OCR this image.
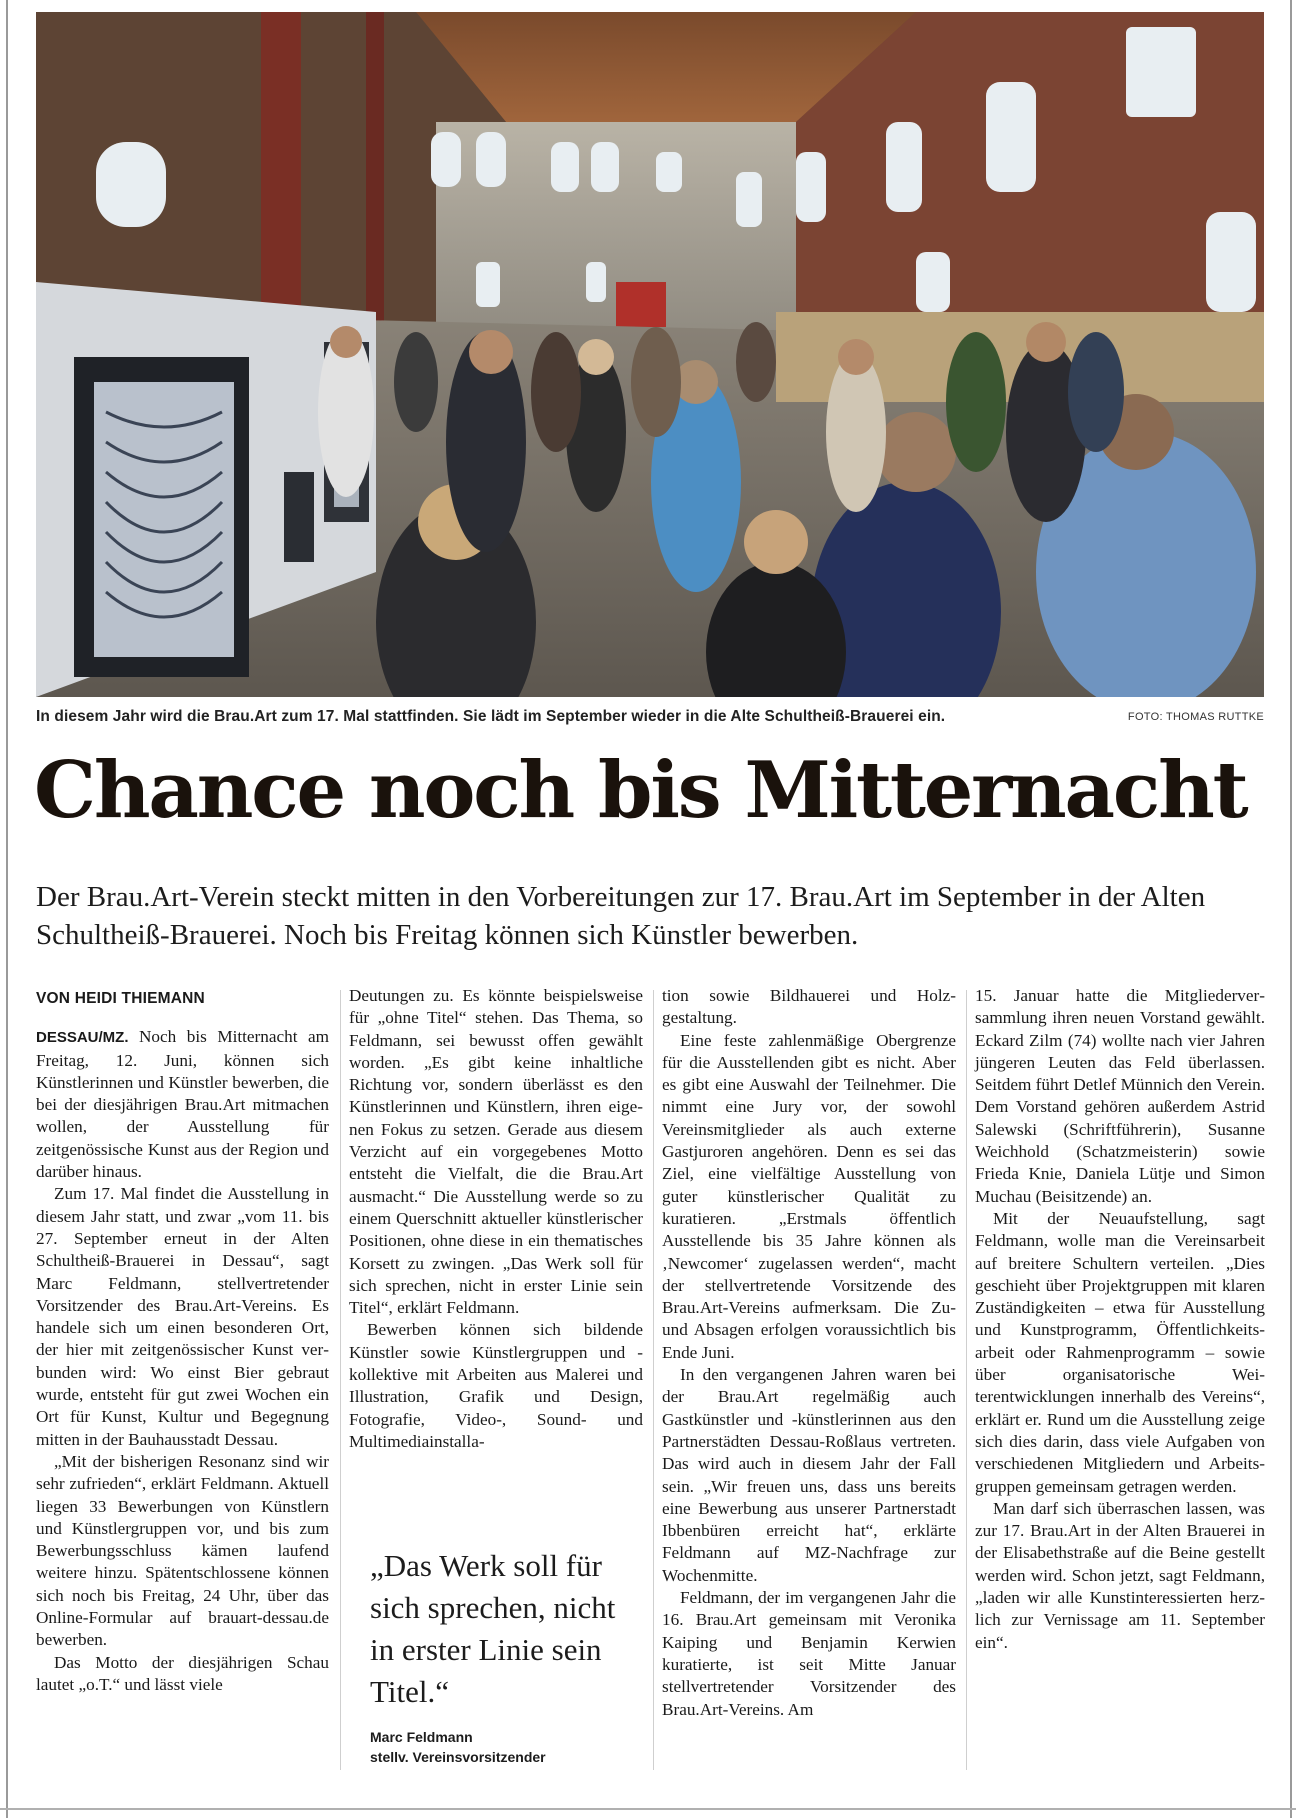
In diesem Jahr wird die Brau.Art zum 17. Mal stattfinden. Sie lädt im September wieder in die Alte Schultheiß-Brauerei ein.	FOTO: THOMAS RUTTKE
Chance noch bis Mitternacht
Der Brau.Art-Verein steckt mitten in den Vorbereitungen zur 17. Brau.Art im September in der Alten Schultheiß-Brauerei. Noch bis Freitag können sich Künstler bewerben.
VON HEIDI THIEMANN

DESSAU/MZ. Noch bis Mitternacht am Freitag, 12. Juni, können sich Künstlerinnen und Künstler bewerben, die bei der diesjährigen Brau.Art mitmachen wollen, der Ausstellung für zeitgenössische Kunst aus der Region und darüber hinaus.

Zum 17. Mal findet die Ausstellung in diesem Jahr statt, und zwar „vom 11. bis 27. September erneut in der Alten Schultheiß-Brauerei in Dessau“, sagt Marc Feldmann, stellvertretender Vorsitzender des Brau.Art-Vereins. Es handele sich um einen besonderen Ort, der hier mit zeitgenössischer Kunst verbunden wird: Wo einst Bier gebraut wurde, entsteht für gut zwei Wochen ein Ort für Kunst, Kultur und Begegnung mitten in der Bauhausstadt Dessau.

„Mit der bisherigen Resonanz sind wir sehr zufrieden“, erklärt Feldmann. Aktuell liegen 33 Bewerbungen von Künstlern und Künstlergruppen vor, und bis zum Bewerbungsschluss kämen laufend weitere hinzu. Spätentschlossene können sich noch bis Freitag, 24 Uhr, über das Online-Formular auf brauart-dessau.de bewerben.

Das Motto der diesjährigen Schau lautet „o.T.“ und lässt viele

Deutungen zu. Es könnte beispielsweise für „ohne Titel“ stehen. Das Thema, so Feldmann, sei bewusst offen gewählt worden. „Es gibt keine inhaltliche Richtung vor, sondern überlässt es den Künstlerinnen und Künstlern, ihren eigenen Fokus zu setzen. Gerade aus diesem Verzicht auf ein vorgegebenes Motto entsteht die Vielfalt, die die Brau.Art ausmacht.“ Die Ausstellung werde so zu einem Querschnitt aktueller künstlerischer Positionen, ohne diese in ein thematisches Korsett zu zwingen. „Das Werk soll für sich sprechen, nicht in erster Linie sein Titel“, erklärt Feldmann.

Bewerben können sich bildende Künstler sowie Künstlergruppen und -kollektive mit Arbeiten aus Malerei und Illustration, Grafik und Design, Fotografie, Video-, Sound- und Multimediainstalla-

„Das Werk soll für sich sprechen, nicht in erster Linie sein Titel.“
Marc Feldmann
stellv. Vereinsvorsitzender

tion sowie Bildhauerei und Holzgestaltung.

Eine feste zahlenmäßige Obergrenze für die Ausstellenden gibt es nicht. Aber es gibt eine Auswahl der Teilnehmer. Die nimmt eine Jury vor, der sowohl Vereinsmitglieder als auch externe Gastjuroren angehören. Denn es sei das Ziel, eine vielfältige Ausstellung von guter künstlerischer Qualität zu kuratieren. „Erstmals öffentlich Ausstellende bis 35 Jahre können als ‚Newcomer‘ zugelassen werden“, macht der stellvertretende Vorsitzende des Brau.Art-Vereins aufmerksam. Die Zu- und Absagen erfolgen voraussichtlich bis Ende Juni.

In den vergangenen Jahren waren bei der Brau.Art regelmäßig auch Gastkünstler und -künstlerinnen aus den Partnerstädten Dessau-Roßlaus vertreten. Das wird auch in diesem Jahr der Fall sein. „Wir freuen uns, dass uns bereits eine Bewerbung aus unserer Partnerstadt Ibbenbüren erreicht hat“, erklärte Feldmann auf MZ-Nachfrage zur Wochenmitte.

Feldmann, der im vergangenen Jahr die 16. Brau.Art gemeinsam mit Veronika Kaiping und Benjamin Kerwien kuratierte, ist seit Mitte Januar stellvertretender Vorsitzender des Brau.Art-Vereins. Am

15. Januar hatte die Mitgliederversammlung ihren neuen Vorstand gewählt. Eckard Zilm (74) wollte nach vier Jahren jüngeren Leuten das Feld überlassen. Seitdem führt Detlef Münnich den Verein. Dem Vorstand gehören außerdem Astrid Salewski (Schriftführerin), Susanne Weichhold (Schatzmeisterin) sowie Frieda Knie, Daniela Lütje und Simon Muchau (Beisitzende) an.

Mit der Neuaufstellung, sagt Feldmann, wolle man die Vereinsarbeit auf breitere Schultern verteilen. „Dies geschieht über Projektgruppen mit klaren Zuständigkeiten – etwa für Ausstellung und Kunstprogramm, Öffentlichkeitsarbeit oder Rahmenprogramm – sowie über organisatorische Weiterentwicklungen innerhalb des Vereins“, erklärt er. Rund um die Ausstellung zeige sich dies darin, dass viele Aufgaben von verschiedenen Mitgliedern und Arbeitsgruppen gemeinsam getragen werden.

Man darf sich überraschen lassen, was zur 17. Brau.Art in der Alten Brauerei in der Elisabethstraße auf die Beine gestellt werden wird. Schon jetzt, sagt Feldmann, „laden wir alle Kunstinteressierten herzlich zur Vernissage am 11. September ein“.
